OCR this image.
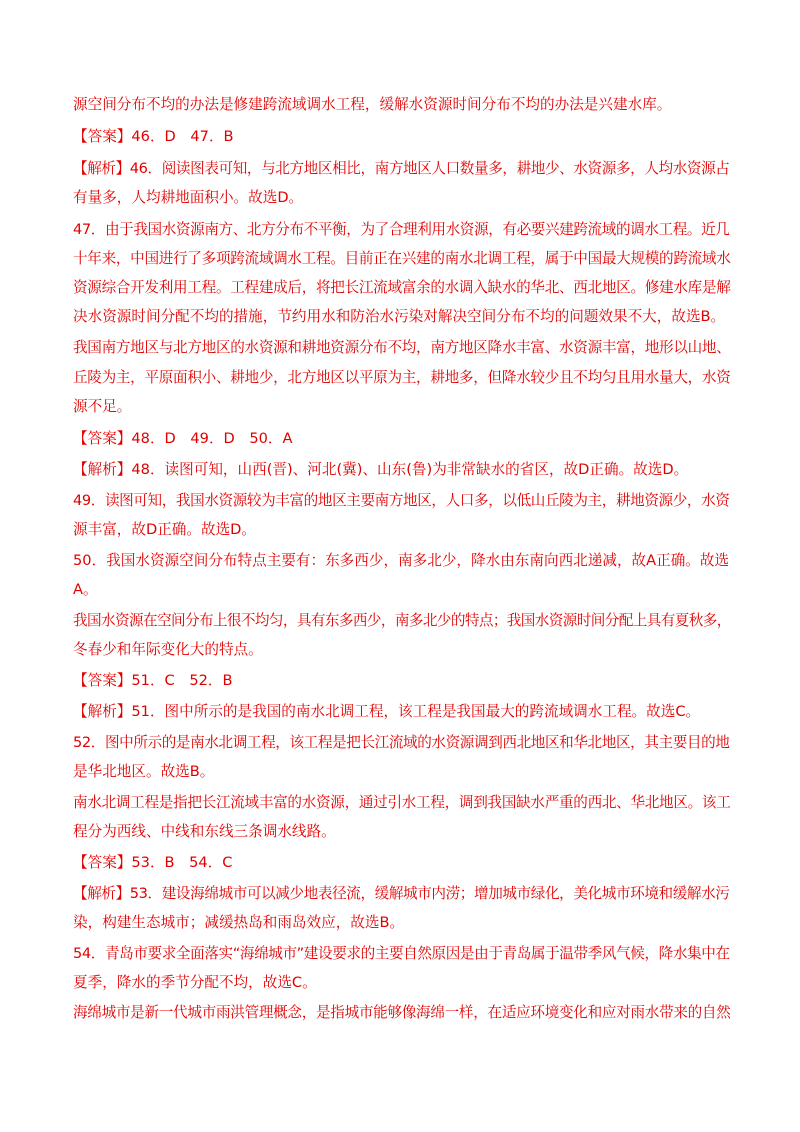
源空间分布不均的办法是修建跨流域调水工程，缓解水资源时间分布不均的办法是兴建水库。
【答案】46．D　47．B
【解析】46．阅读图表可知，与北方地区相比，南方地区人口数量多，耕地少、水资源多，人均水资源占
有量多，人均耕地面积小。故选D。
47．由于我国水资源南方、北方分布不平衡，为了合理利用水资源，有必要兴建跨流域的调水工程。近几
十年来，中国进行了多项跨流域调水工程。目前正在兴建的南水北调工程，属于中国最大规模的跨流域水
资源综合开发利用工程。工程建成后，将把长江流域富余的水调入缺水的华北、西北地区。修建水库是解
决水资源时间分配不均的措施，节约用水和防治水污染对解决空间分布不均的问题效果不大，故选B。
我国南方地区与北方地区的水资源和耕地资源分布不均，南方地区降水丰富、水资源丰富，地形以山地、
丘陵为主，平原面积小、耕地少，北方地区以平原为主，耕地多，但降水较少且不均匀且用水量大，水资
源不足。
【答案】48．D　49．D　50．A
【解析】48．读图可知，山西(晋)、河北(冀)、山东(鲁)为非常缺水的省区，故D正确。故选D。
49．读图可知，我国水资源较为丰富的地区主要南方地区，人口多，以低山丘陵为主，耕地资源少，水资
源丰富，故D正确。故选D。
50．我国水资源空间分布特点主要有：东多西少，南多北少，降水由东南向西北递减，故A正确。故选
A。
我国水资源在空间分布上很不均匀，具有东多西少，南多北少的特点；我国水资源时间分配上具有夏秋多，
冬春少和年际变化大的特点。
【答案】51．C　52．B
【解析】51．图中所示的是我国的南水北调工程，该工程是我国最大的跨流域调水工程。故选C。
52．图中所示的是南水北调工程，该工程是把长江流域的水资源调到西北地区和华北地区，其主要目的地
是华北地区。故选B。
南水北调工程是指把长江流域丰富的水资源，通过引水工程，调到我国缺水严重的西北、华北地区。该工
程分为西线、中线和东线三条调水线路。
【答案】53．B　54．C
【解析】53．建设海绵城市可以减少地表径流，缓解城市内涝；增加城市绿化，美化城市环境和缓解水污
染，构建生态城市；减缓热岛和雨岛效应，故选B。
54．青岛市要求全面落实“海绵城市”建设要求的主要自然原因是由于青岛属于温带季风气候，降水集中在
夏季，降水的季节分配不均，故选C。
海绵城市是新一代城市雨洪管理概念，是指城市能够像海绵一样，在适应环境变化和应对雨水带来的自然
